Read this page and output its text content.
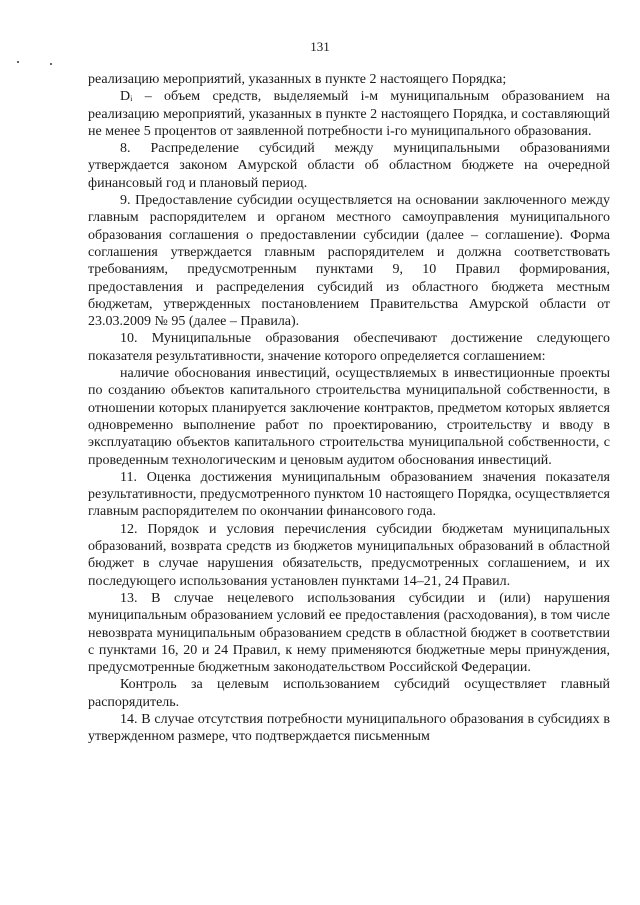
131

реализацию мероприятий, указанных в пункте 2 настоящего Порядка;

Dᵢ – объем средств, выделяемый i-м муниципальным образованием на реализацию мероприятий, указанных в пункте 2 настоящего Порядка, и составляющий не менее 5 процентов от заявленной потребности i-го муниципального образования.

8. Распределение субсидий между муниципальными образованиями утверждается законом Амурской области об областном бюджете на очередной финансовый год и плановый период.

9. Предоставление субсидии осуществляется на основании заключенного между главным распорядителем и органом местного самоуправления муниципального образования соглашения о предоставлении субсидии (далее – соглашение). Форма соглашения утверждается главным распорядителем и должна соответствовать требованиям, предусмотренным пунктами 9, 10 Правил формирования, предоставления и распределения субсидий из областного бюджета местным бюджетам, утвержденных постановлением Правительства Амурской области от 23.03.2009 № 95 (далее – Правила).

10. Муниципальные образования обеспечивают достижение следующего показателя результативности, значение которого определяется соглашением:

наличие обоснования инвестиций, осуществляемых в инвестиционные проекты по созданию объектов капитального строительства муниципальной собственности, в отношении которых планируется заключение контрактов, предметом которых является одновременно выполнение работ по проектированию, строительству и вводу в эксплуатацию объектов капитального строительства муниципальной собственности, с проведенным технологическим и ценовым аудитом обоснования инвестиций.

11. Оценка достижения муниципальным образованием значения показателя результативности, предусмотренного пунктом 10 настоящего Порядка, осуществляется главным распорядителем по окончании финансового года.

12. Порядок и условия перечисления субсидии бюджетам муниципальных образований, возврата средств из бюджетов муниципальных образований в областной бюджет в случае нарушения обязательств, предусмотренных соглашением, и их последующего использования установлен пунктами 14–21, 24 Правил.

13. В случае нецелевого использования субсидии и (или) нарушения муниципальным образованием условий ее предоставления (расходования), в том числе невозврата муниципальным образованием средств в областной бюджет в соответствии с пунктами 16, 20 и 24 Правил, к нему применяются бюджетные меры принуждения, предусмотренные бюджетным законодательством Российской Федерации.

Контроль за целевым использованием субсидий осуществляет главный распорядитель.

14. В случае отсутствия потребности муниципального образования в субсидиях в утвержденном размере, что подтверждается письменным
